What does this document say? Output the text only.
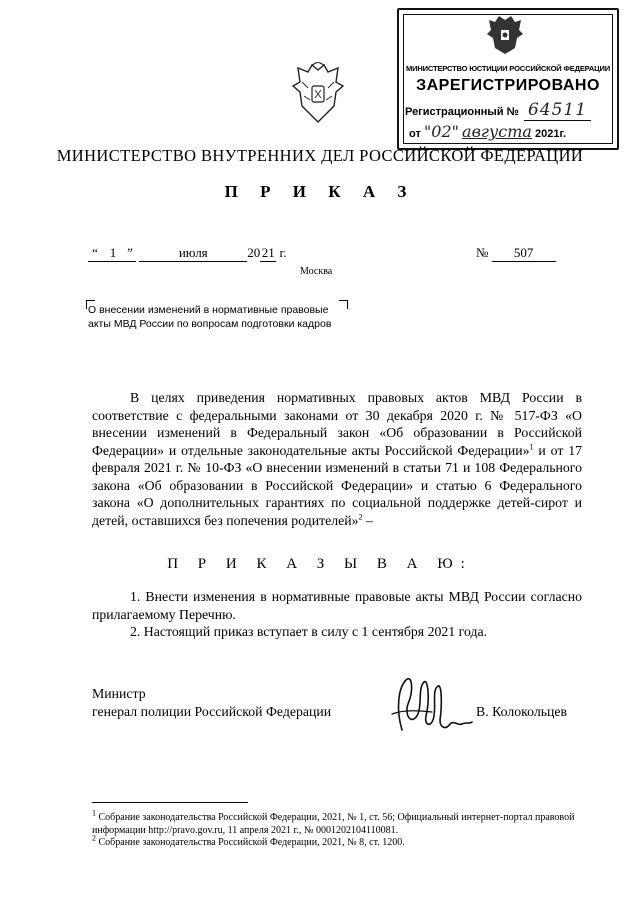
МИНИСТЕРСТВО ЮСТИЦИИ РОССИЙСКОЙ ФЕДЕРАЦИИ
ЗАРЕГИСТРИРОВАНО
Регистрационный № 64511
от "02" августа 2021г.
МИНИСТЕРСТВО ВНУТРЕННИХ ДЕЛ РОССИЙСКОЙ ФЕДЕРАЦИИ
П Р И К А З
“ 1 ”	июля	20 21 г.	№ 507
Москва
О внесении изменений в нормативные правовые акты МВД России по вопросам подготовки кадров

В целях приведения нормативных правовых актов МВД России в соответствие с федеральными законами от 30 декабря 2020 г. № 517-ФЗ «О внесении изменений в Федеральный закон «Об образовании в Российской Федерации» и отдельные законодательные акты Российской Федерации»$^1$ и от 17 февраля 2021 г. № 10-ФЗ «О внесении изменений в статьи 71 и 108 Федерального закона «Об образовании в Российской Федерации» и статью 6 Федерального закона «О дополнительных гарантиях по социальной поддержке детей-сирот и детей, оставшихся без попечения родителей»$^2$ –

П Р И К А З Ы В А Ю:

1. Внести изменения в нормативные правовые акты МВД России согласно прилагаемому Перечню.

2. Настоящий приказ вступает в силу с 1 сентября 2021 года.

Министр
генерал полиции Российской Федерации	В. Колокольцев

$^1$ Собрание законодательства Российской Федерации, 2021, № 1, ст. 56; Официальный интернет-портал правовой информации http://pravo.gov.ru, 11 апреля 2021 г., № 0001202104110081.

$^2$ Собрание законодательства Российской Федерации, 2021, № 8, ст. 1200.
